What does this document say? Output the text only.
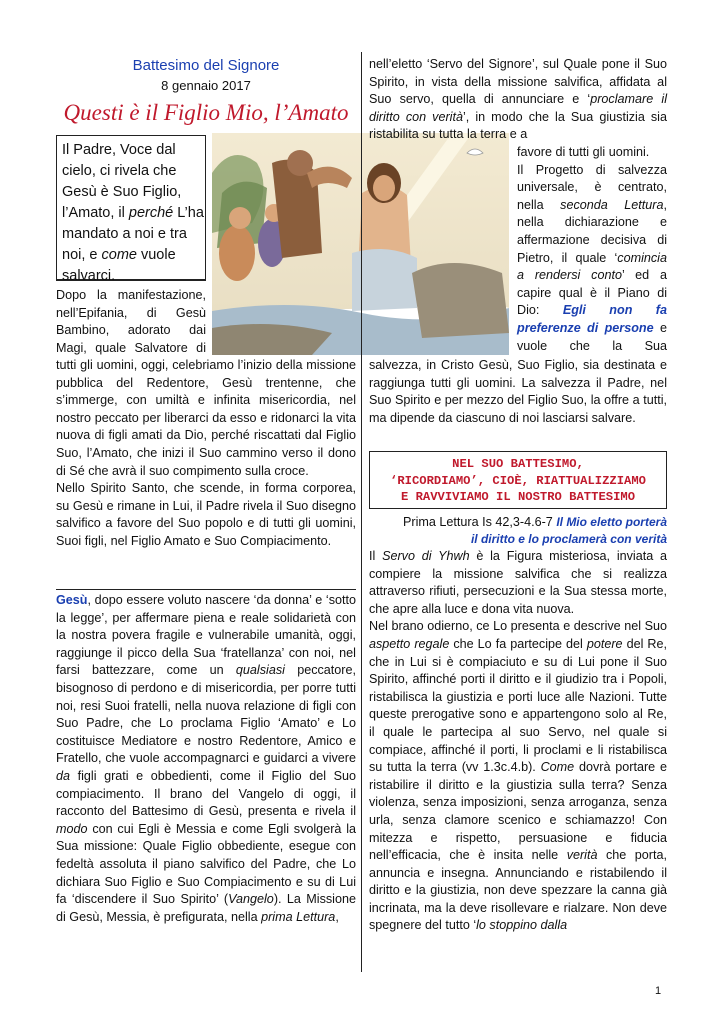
Battesimo del Signore
8 gennaio 2017
Questi è il Figlio Mio, l’Amato
Il Padre, Voce dal cielo, ci rivela che Gesù è Suo Figlio, l’Amato, il perché L’ha mandato a noi e tra noi, e come vuole salvarci.
Dopo la manifestazione,
nell’Epifania, di Gesù
Bambino, adorato dai
Magi, quale Salvatore di

tutti gli uomini, oggi, celebriamo l’inizio della missione pubblica del Redentore, Gesù trentenne, che s’immerge, con umiltà e infinita misericordia, nel nostro peccato per liberarci da esso e ridonarci la vita nuova di figli amati da Dio, perché riscattati dal Figlio Suo, l’Amato, che inizi il Suo cammino verso il dono di Sé che avrà il suo compimento sulla croce.

Nello Spirito Santo, che scende, in forma corporea, su Gesù e rimane in Lui, il Padre rivela il Suo disegno salvifico a favore del Suo popolo e di tutti gli uomini, Suoi figli, nel Figlio Amato e Suo Compiacimento.

Gesù, dopo essere voluto nascere ‘da donna’ e ‘sotto la legge’, per affermare piena e reale solidarietà con la nostra povera fragile e vulnerabile umanità, oggi, raggiunge il picco della Sua ‘fratellanza’ con noi, nel farsi battezzare, come un qualsiasi peccatore, bisognoso di perdono e di misericordia, per porre tutti noi, resi Suoi fratelli, nella nuova relazione di figli con Suo Padre, che Lo proclama Figlio ‘Amato’ e Lo costituisce Mediatore e nostro Redentore, Amico e Fratello, che vuole accompagnarci e guidarci a vivere da figli grati e obbedienti, come il Figlio del Suo compiacimento. Il brano del Vangelo di oggi, il racconto del Battesimo di Gesù, presenta e rivela il modo con cui Egli è Messia e come Egli svolgerà la Sua missione: Quale Figlio obbediente, esegue con fedeltà assoluta il piano salvifico del Padre, che Lo dichiara Suo Figlio e Suo Compiacimento e su di Lui fa ‘discendere il Suo Spirito’ (Vangelo). La Missione di Gesù, Messia, è prefigurata, nella prima Lettura,

nell’eletto ‘Servo del Signore’, sul Quale pone il Suo Spirito, in vista della missione salvifica, affidata al Suo servo, quella di annunciare e ‘proclamare il diritto con verità’, in modo che la Sua giustizia sia ristabilita su tutta la terra e a

favore di tutti gli uomini.
Il Progetto di salvezza
universale, è centrato,
nella seconda Lettura,
nella dichiarazione e
affermazione decisiva di
Pietro, il quale ‘comincia
a rendersi conto’ ed a
capire qual è il Piano di
Dio: Egli non fa
preferenze di persone e
vuole che la Sua

salvezza, in Cristo Gesù, Suo Figlio, sia destinata e raggiunga tutti gli uomini. La salvezza il Padre, nel Suo Spirito e per mezzo del Figlio Suo, la offre a tutti, ma dipende da ciascuno di noi lasciarsi salvare.

NEL SUO BATTESIMO,
‘RICORDIAMO’, CIOÈ, RIATTUALIZZIAMO
E RAVVIVIAMO IL NOSTRO BATTESIMO
Prima Lettura Is 42,3-4.6-7 Il Mio eletto porterà
il diritto e lo proclamerà con verità

Il Servo di Yhwh è la Figura misteriosa, inviata a compiere la missione salvifica che si realizza attraverso rifiuti, persecuzioni e la Sua stessa morte, che apre alla luce e dona vita nuova.

Nel brano odierno, ce Lo presenta e descrive nel Suo aspetto regale che Lo fa partecipe del potere del Re, che in Lui si è compiaciuto e su di Lui pone il Suo Spirito, affinché porti il diritto e il giudizio tra i Popoli, ristabilisca la giustizia e porti luce alle Nazioni. Tutte queste prerogative sono e appartengono solo al Re, il quale le partecipa al suo Servo, nel quale si compiace, affinché il porti, li proclami e li ristabilisca su tutta la terra (vv 1.3c.4.b). Come dovrà portare e ristabilire il diritto e la giustizia sulla terra? Senza violenza, senza imposizioni, senza arroganza, senza urla, senza clamore scenico e schiamazzo! Con mitezza e rispetto, persuasione e fiducia nell’efficacia, che è insita nelle verità che porta, annuncia e insegna. Annunciando e ristabilendo il diritto e la giustizia, non deve spezzare la canna già incrinata, ma la deve risollevare e rialzare. Non deve spegnere del tutto ‘lo stoppino dalla

1
